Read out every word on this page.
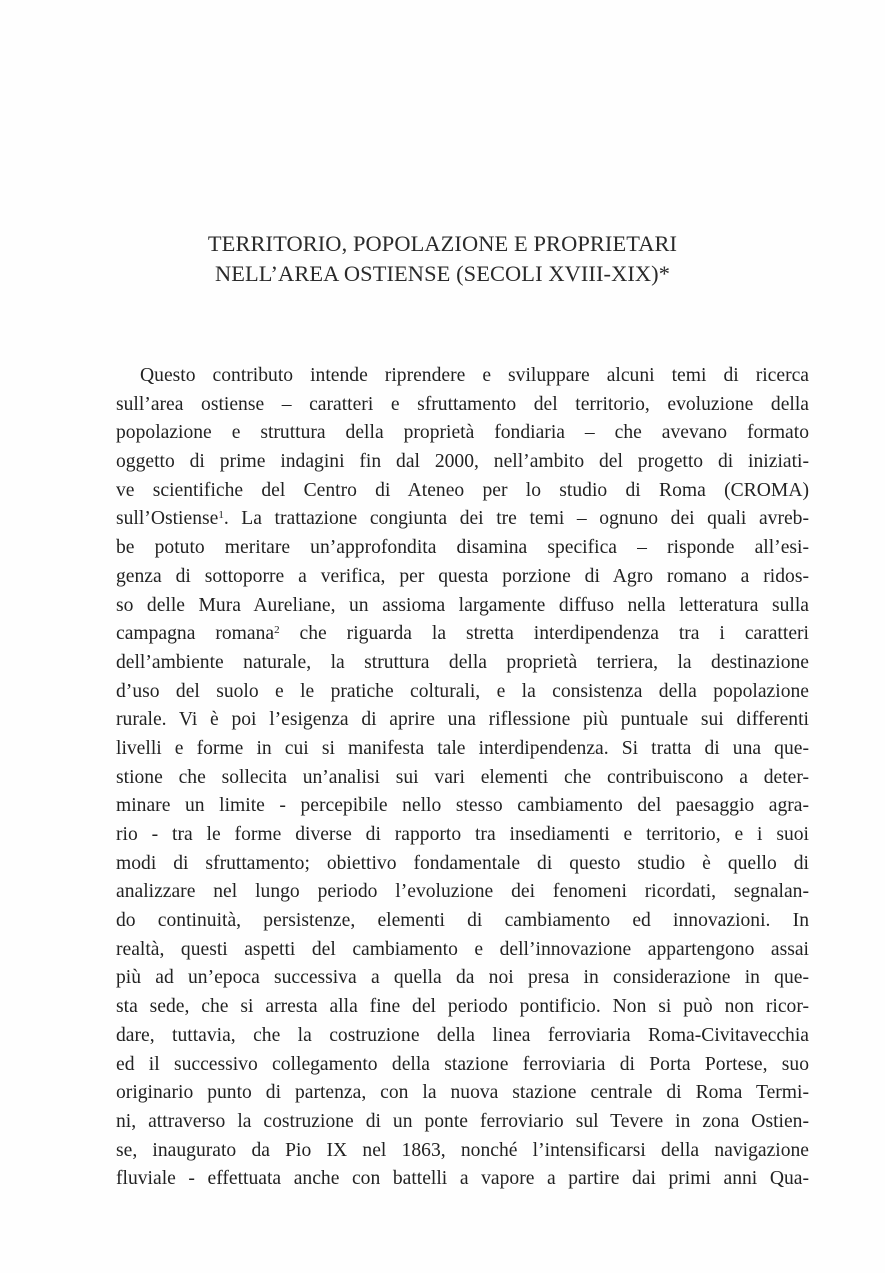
TERRITORIO, POPOLAZIONE E PROPRIETARI
NELL’AREA OSTIENSE (SECOLI XVIII-XIX)*
Questo contributo intende riprendere e sviluppare alcuni temi di ricerca
sull’area ostiense – caratteri e sfruttamento del territorio, evoluzione della
popolazione e struttura della proprietà fondiaria – che avevano formato
oggetto di prime indagini fin dal 2000, nell’ambito del progetto di iniziati-
ve scientifiche del Centro di Ateneo per lo studio di Roma (CROMA)
sull’Ostiense$^1$. La trattazione congiunta dei tre temi – ognuno dei quali avreb-
be potuto meritare un’approfondita disamina specifica – risponde all’esi-
genza di sottoporre a verifica, per questa porzione di Agro romano a ridos-
so delle Mura Aureliane, un assioma largamente diffuso nella letteratura sulla
campagna romana$^2$ che riguarda la stretta interdipendenza tra i caratteri
dell’ambiente naturale, la struttura della proprietà terriera, la destinazione
d’uso del suolo e le pratiche colturali, e la consistenza della popolazione
rurale. Vi è poi l’esigenza di aprire una riflessione più puntuale sui differenti
livelli e forme in cui si manifesta tale interdipendenza. Si tratta di una que-
stione che sollecita un’analisi sui vari elementi che contribuiscono a deter-
minare un limite - percepibile nello stesso cambiamento del paesaggio agra-
rio - tra le forme diverse di rapporto tra insediamenti e territorio, e i suoi
modi di sfruttamento; obiettivo fondamentale di questo studio è quello di
analizzare nel lungo periodo l’evoluzione dei fenomeni ricordati, segnalan-
do continuità, persistenze, elementi di cambiamento ed innovazioni. In
realtà, questi aspetti del cambiamento e dell’innovazione appartengono assai
più ad un’epoca successiva a quella da noi presa in considerazione in que-
sta sede, che si arresta alla fine del periodo pontificio. Non si può non ricor-
dare, tuttavia, che la costruzione della linea ferroviaria Roma-Civitavecchia
ed il successivo collegamento della stazione ferroviaria di Porta Portese, suo
originario punto di partenza, con la nuova stazione centrale di Roma Termi-
ni, attraverso la costruzione di un ponte ferroviario sul Tevere in zona Ostien-
se, inaugurato da Pio IX nel 1863, nonché l’intensificarsi della navigazione
fluviale - effettuata anche con battelli a vapore a partire dai primi anni Qua-
